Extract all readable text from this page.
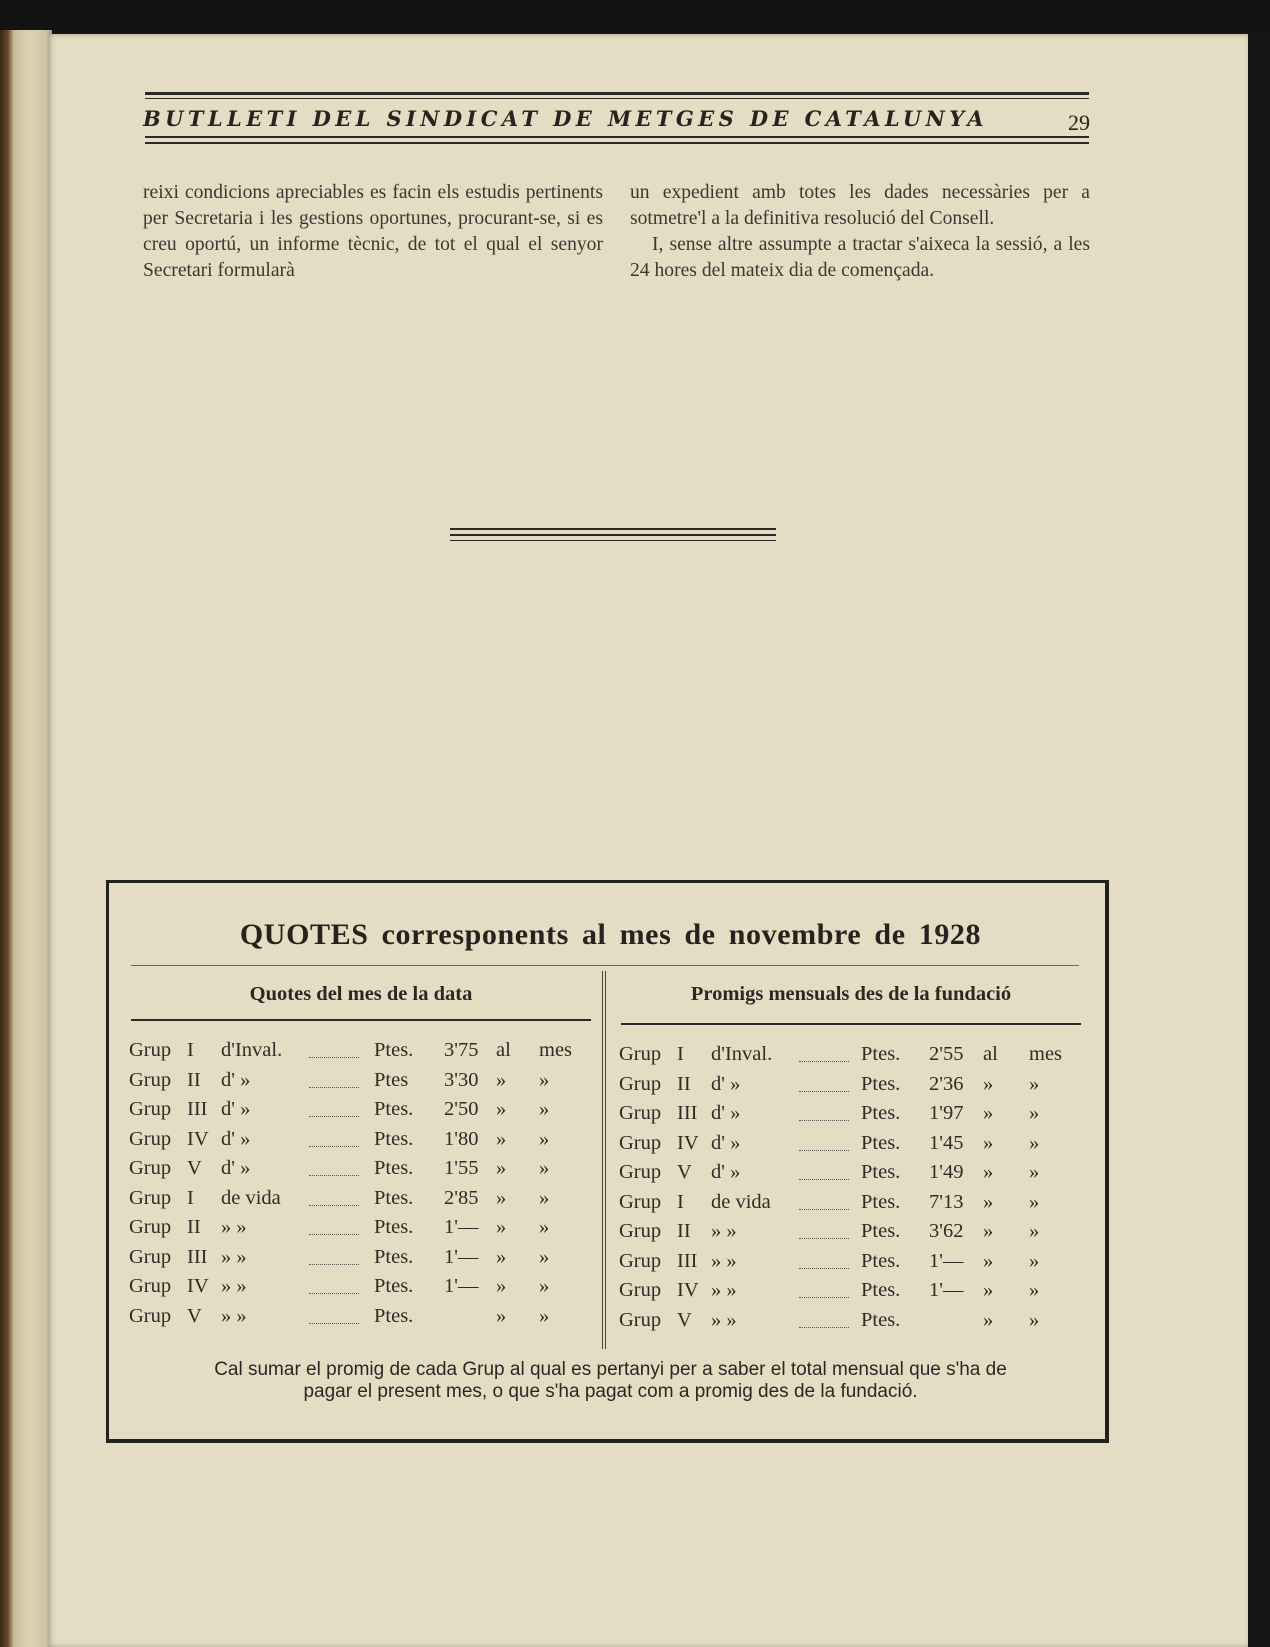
BUTLLETI DEL SINDICAT DE METGES DE CATALUNYA	29

reixi condicions apreciables es facin els estudis pertinents per Secretaria i les gestions oportunes, procurant-se, si es creu oportú, un informe tècnic, de tot el qual el senyor Secretari formularà

un expedient amb totes les dades necessàries per a sotmetre'l a la definitiva resolució del Consell.

I, sense altre assumpte a tractar s'aixeca la sessió, a les 24 hores del mateix dia de començada.

QUOTES corresponents al mes de novembre de 1928
Quotes del mes de la data	Promigs mensuals des de la fundació
Grup I d'Inval.	Ptes. 3'75 al mes
Grup II d' »	Ptes 3'30 » »
Grup III d' »	Ptes. 2'50 » »
Grup IV d' »	Ptes. 1'80 » »
Grup V d' »	Ptes. 1'55 » »
Grup I de vida	Ptes. 2'85 » »
Grup II » »	Ptes. 1'— » »
Grup III » »	Ptes. 1'— » »
Grup IV » »	Ptes. 1'— » »
Grup V » »	Ptes.	» »
Grup I d'Inval.	Ptes. 2'55 al mes
Grup II d' »	Ptes. 2'36 » »
Grup III d' »	Ptes. 1'97 » »
Grup IV d' »	Ptes. 1'45 » »
Grup V d' »	Ptes. 1'49 » »
Grup I de vida	Ptes. 7'13 » »
Grup II » »	Ptes. 3'62 » »
Grup III » »	Ptes. 1'— » »
Grup IV » »	Ptes. 1'— » »
Grup V » »	Ptes.	» »
Cal sumar el promig de cada Grup al qual es pertanyi per a saber el total mensual que s'ha de
pagar el present mes, o que s'ha pagat com a promig des de la fundació.
